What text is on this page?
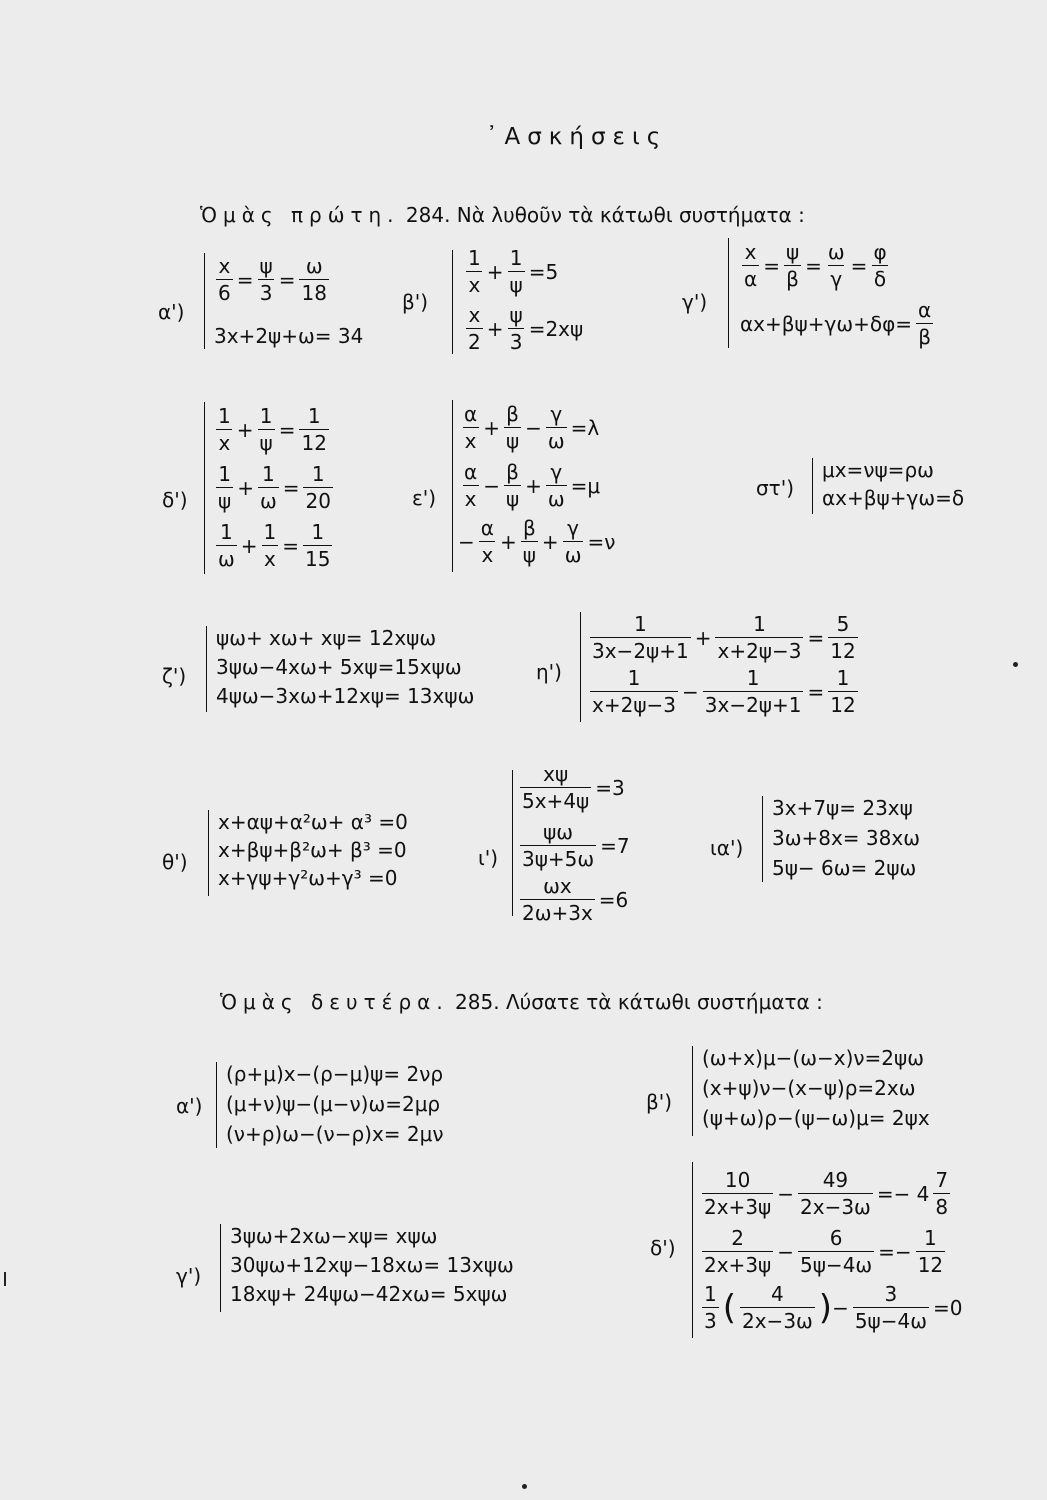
᾿Ασκήσεις
Ὁμὰς πρώτη. 284. Νὰ λυθοῦν τὰ κάτωθι συστήματα :
α')
$\frac{x}{6} = \frac{\psi}{3} = \frac{\omega}{18}$
3x+2ψ+ω= 34
β')
$\frac{1}{x} + \frac{1}{\psi} =5$
$\frac{x}{2} + \frac{\psi}{3} =2x\psi$
γ')
$\frac{x}{\alpha} = \frac{\psi}{\beta} = \frac{\omega}{\gamma} = \frac{\varphi}{\delta}$
$\alpha x+\beta\psi+\gamma\omega+\delta\varphi= \frac{\alpha}{\beta}$
δ')
$\frac{1}{x} + \frac{1}{\psi} = \frac{1}{12}$
$\frac{1}{\psi} + \frac{1}{\omega} = \frac{1}{20}$
$\frac{1}{\omega} + \frac{1}{x} = \frac{1}{15}$
ε')
$\frac{\alpha}{x} + \frac{\beta}{\psi} - \frac{\gamma}{\omega} =\lambda$
$\frac{\alpha}{x} - \frac{\beta}{\psi} + \frac{\gamma}{\omega} =\mu$
− $\frac{\alpha}{x} + \frac{\beta}{\psi} + \frac{\gamma}{\omega} =\nu$
στ')
μx=νψ=ρω
αx+βψ+γω=δ
ζ')
ψω+ xω+ xψ= 12xψω
3ψω−4xω+ 5xψ=15xψω
4ψω−3xω+12xψ= 13xψω
η')
$\frac{1}{3x-2\psi+1} + \frac{1}{x+2\psi-3} = \frac{5}{12}$
$\frac{1}{x+2\psi-3} - \frac{1}{3x-2\psi+1} = \frac{1}{12}$
θ')
x+αψ+α²ω+ α³ =0
x+βψ+β²ω+ β³ =0
x+γψ+γ²ω+γ³ =0
ι')
$\frac{x\psi}{5x+4\psi} =3$
$\frac{\psi\omega}{3\psi+5\omega} =7$
$\frac{\omega x}{2\omega+3x} =6$
ια')
3x+7ψ= 23xψ
3ω+8x= 38xω
5ψ− 6ω= 2ψω
Ὁμὰς δευτέρα. 285. Λύσατε τὰ κάτωθι συστήματα :
α')
(ρ+μ)x−(ρ−μ)ψ= 2νρ
(μ+ν)ψ−(μ−ν)ω=2μρ
(ν+ρ)ω−(ν−ρ)x= 2μν
β')
(ω+x)μ−(ω−x)ν=2ψω
(x+ψ)ν−(x−ψ)ρ=2xω
(ψ+ω)ρ−(ψ−ω)μ= 2ψx
γ')
3ψω+2xω−xψ= xψω
30ψω+12xψ−18xω= 13xψω
18xψ+ 24ψω−42xω= 5xψω
δ')
$\frac{10}{2x+3\psi} - \frac{49}{2x-3\omega} =- 4 \frac{7}{8}$
$\frac{2}{2x+3\psi} - \frac{6}{5\psi-4\omega} =- \frac{1}{12}$
$\frac{1}{3}$ ( $\frac{4}{2x-3\omega}$ ) − $\frac{3}{5\psi-4\omega} =0$
